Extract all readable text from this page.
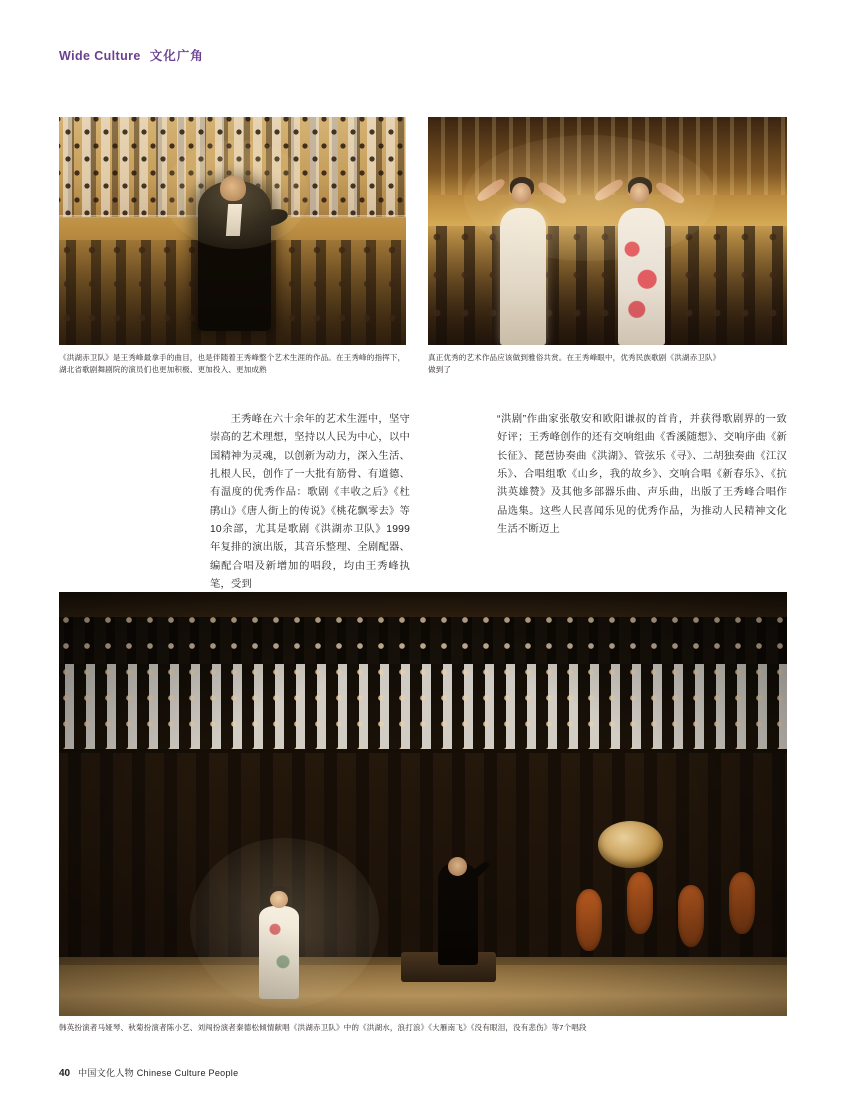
Wide Culture 文化广角
《洪湖赤卫队》是王秀峰最拿手的曲目，也是伴随着王秀峰整个艺术生涯的作品。在王秀峰的指挥下，湖北省歌剧舞剧院的演员们也更加积极、更加投入、更加成熟
真正优秀的艺术作品应该做到雅俗共赏。在王秀峰眼中，优秀民族歌剧《洪湖赤卫队》做到了

王秀峰在六十余年的艺术生涯中，坚守崇高的艺术理想，坚持以人民为中心，以中国精神为灵魂，以创新为动力，深入生活、扎根人民，创作了一大批有筋骨、有道德、有温度的优秀作品：歌剧《丰收之后》《杜鹃山》《唐人街上的传说》《桃花飘零去》等10余部，尤其是歌剧《洪湖赤卫队》1999年复排的演出版，其音乐整理、全剧配器、编配合唱及新增加的唱段，均由王秀峰执笔，受到

“洪剧”作曲家张敬安和欧阳谦叔的首肯，并获得歌剧界的一致好评；王秀峰创作的还有交响组曲《香溪随想》、交响序曲《新长征》、琵琶协奏曲《洪湖》、管弦乐《寻》、二胡独奏曲《江汉乐》、合唱组歌《山乡，我的故乡》、交响合唱《新春乐》、《抗洪英雄赞》及其他多部器乐曲、声乐曲，出版了王秀峰合唱作品选集。这些人民喜闻乐见的优秀作品，为推动人民精神文化生活不断迈上

韩英扮演者马娅琴、秋菊扮演者陈小艺、刘闯扮演者秦德松倾情献唱《洪湖赤卫队》中的《洪湖水，浪打浪》《大雁南飞》《没有眼泪，没有悲伤》等7个唱段
40 中国文化人物 Chinese Culture People
